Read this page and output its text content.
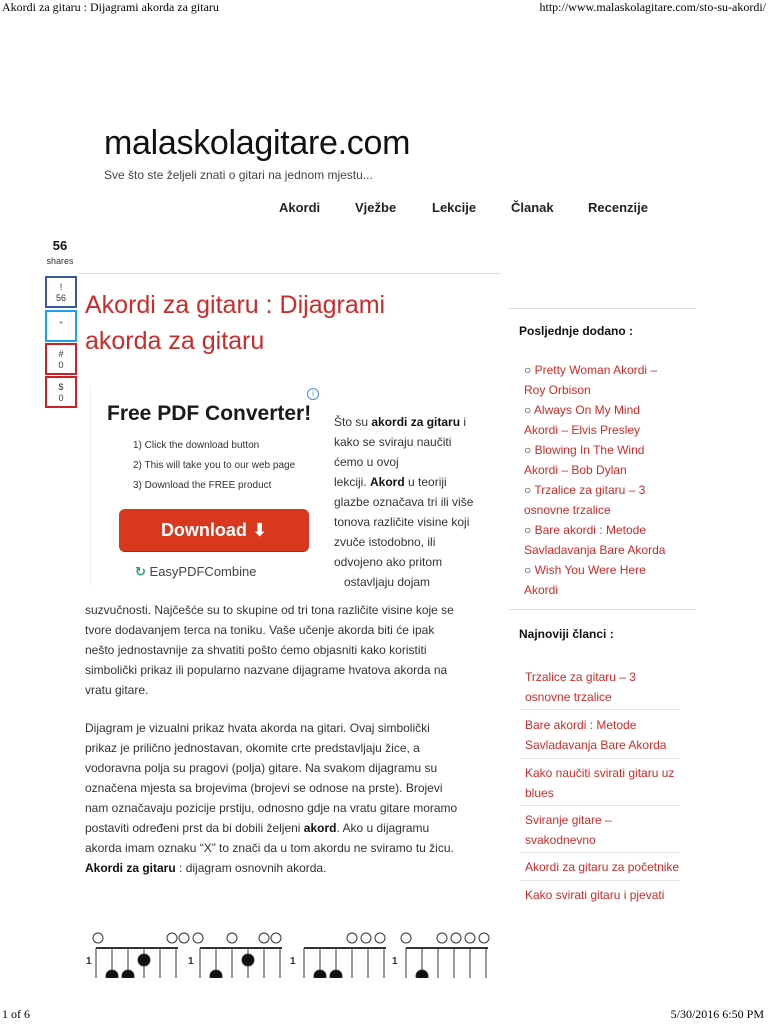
Akordi za gitaru : Dijagrami akorda za gitaru	http://www.malaskolagitare.com/sto-su-akordi/
malaskolagitare.com
Sve što ste željeli znati o gitari na jednom mjestu...
Akordi	Vježbe	Lekcije	Članak	Recenzije
56
shares
!
56
"
#
0
$
0
Akordi za gitaru : Dijagrami akorda za gitaru
i
Free PDF Converter!
1) Click the download button
2) This will take you to our web page
3) Download the FREE product
Download ⬇
↻ EasyPDFCombine
Što su akordi za gitaru i
kako se sviraju naučiti
ćemo u ovoj
lekciji. Akord u teoriji
glazbe označava tri ili više
tonova različite visine koji
zvuče istodobno, ili
odvojeno ako pritom
ostavljaju dojam
suzvučnosti. Najčešće su to skupine od tri tona različite visine koje se
tvore dodavanjem terca na toniku. Vaše učenje akorda biti će ipak
nešto jednostavnije za shvatiti pošto ćemo objasniti kako koristiti
simbolički prikaz ili popularno nazvane dijagrame hvatova akorda na
vratu gitare.
Dijagram je vizualni prikaz hvata akorda na gitari. Ovaj simbolički
prikaz je prilično jednostavan, okomite crte predstavljaju žice, a
vodoravna polja su pragovi (polja) gitare. Na svakom dijagramu su
označena mjesta sa brojevima (brojevi se odnose na prste). Brojevi
nam označavaju pozicije prstiju, odnosno gdje na vratu gitare moramo
postaviti određeni prst da bi dobili željeni akord. Ako u dijagramu
akorda imam oznaku “X” to znači da u tom akordu ne sviramo tu žicu.
Akordi za gitaru : dijagram osnovnih akorda.
1	1	1	1
Posljednje dodano :
○ Pretty Woman Akordi –
Roy Orbison
○ Always On My Mind
Akordi – Elvis Presley
○ Blowing In The Wind
Akordi – Bob Dylan
○ Trzalice za gitaru – 3
osnovne trzalice
○ Bare akordi : Metode
Savladavanja Bare Akorda
○ Wish You Were Here
Akordi
Najnoviji članci :
Trzalice za gitaru – 3
osnovne trzalice
Bare akordi : Metode
Savladavanja Bare Akorda
Kako naučiti svirati gitaru uz
blues
Sviranje gitare –
svakodnevno
Akordi za gitaru za početnike
Kako svirati gitaru i pjevati
1 of 6	5/30/2016 6:50 PM
